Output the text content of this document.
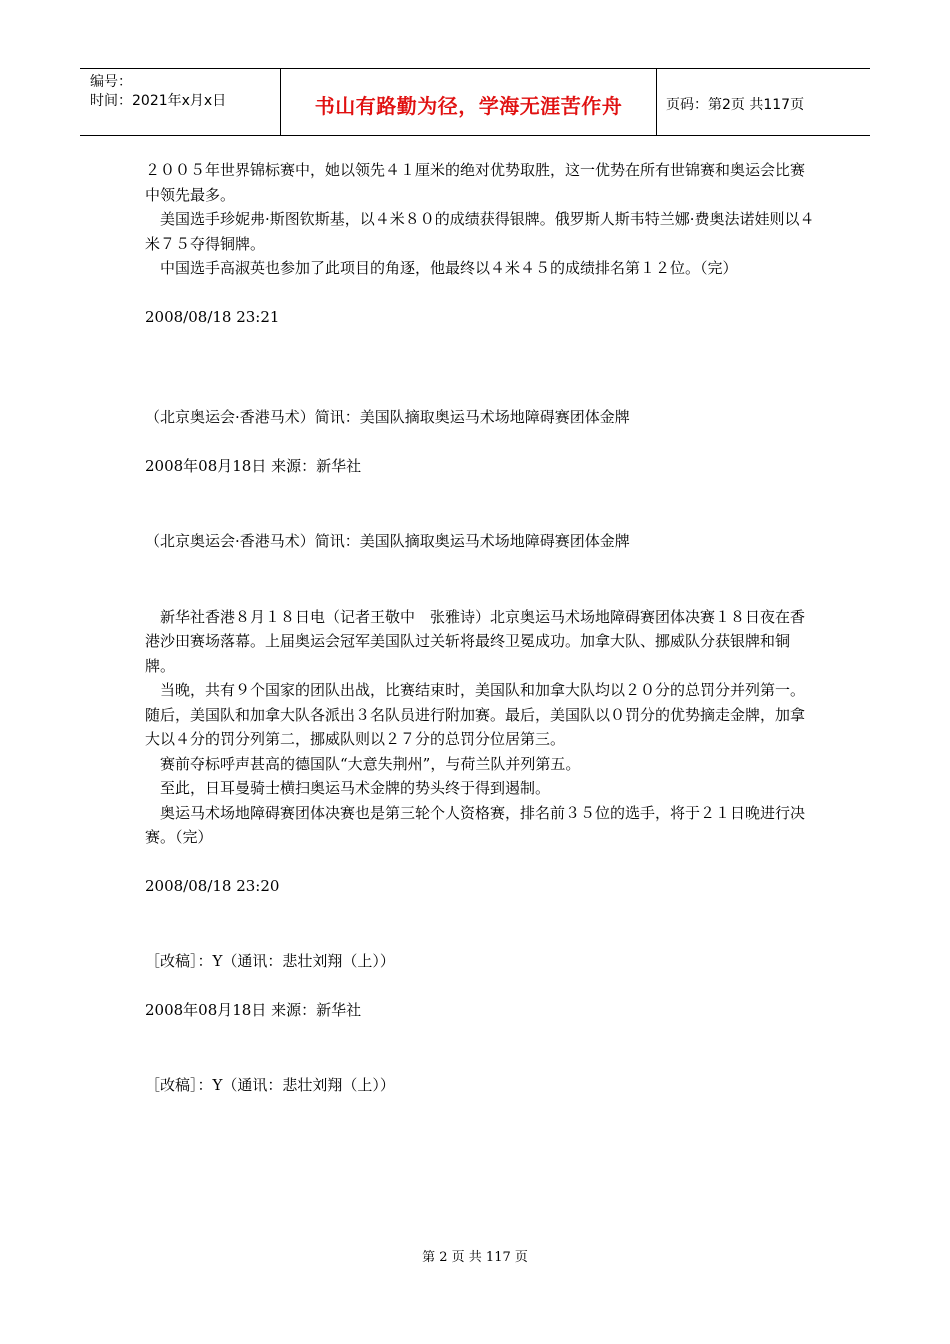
编号：
时间：2021年x月x日	书山有路勤为径，学海无涯苦作舟	页码：第2页 共117页

２００５年世界锦标赛中，她以领先４１厘米的绝对优势取胜，这一优势在所有世锦赛和奥运会比赛中领先最多。

美国选手珍妮弗·斯图钦斯基，以４米８０的成绩获得银牌。俄罗斯人斯韦特兰娜·费奥法诺娃则以４米７５夺得铜牌。

中国选手高淑英也参加了此项目的角逐，他最终以４米４５的成绩排名第１２位。（完）

2008/08/18 23:21

（北京奥运会·香港马术）简讯：美国队摘取奥运马术场地障碍赛团体金牌

2008年08月18日 来源：新华社

（北京奥运会·香港马术）简讯：美国队摘取奥运马术场地障碍赛团体金牌

新华社香港８月１８日电（记者王敬中　张雅诗）北京奥运马术场地障碍赛团体决赛１８日夜在香港沙田赛场落幕。上届奥运会冠军美国队过关斩将最终卫冕成功。加拿大队、挪威队分获银牌和铜牌。

当晚，共有９个国家的团队出战，比赛结束时，美国队和加拿大队均以２０分的总罚分并列第一。随后，美国队和加拿大队各派出３名队员进行附加赛。最后，美国队以０罚分的优势摘走金牌，加拿大以４分的罚分列第二，挪威队则以２７分的总罚分位居第三。

赛前夺标呼声甚高的德国队“大意失荆州”，与荷兰队并列第五。

至此，日耳曼骑士横扫奥运马术金牌的势头终于得到遏制。

奥运马术场地障碍赛团体决赛也是第三轮个人资格赛，排名前３５位的选手，将于２１日晚进行决赛。（完）

2008/08/18 23:20

［改稿］：Y（通讯：悲壮刘翔（上））

2008年08月18日 来源：新华社

［改稿］：Y（通讯：悲壮刘翔（上））

第 2 页 共 117 页
